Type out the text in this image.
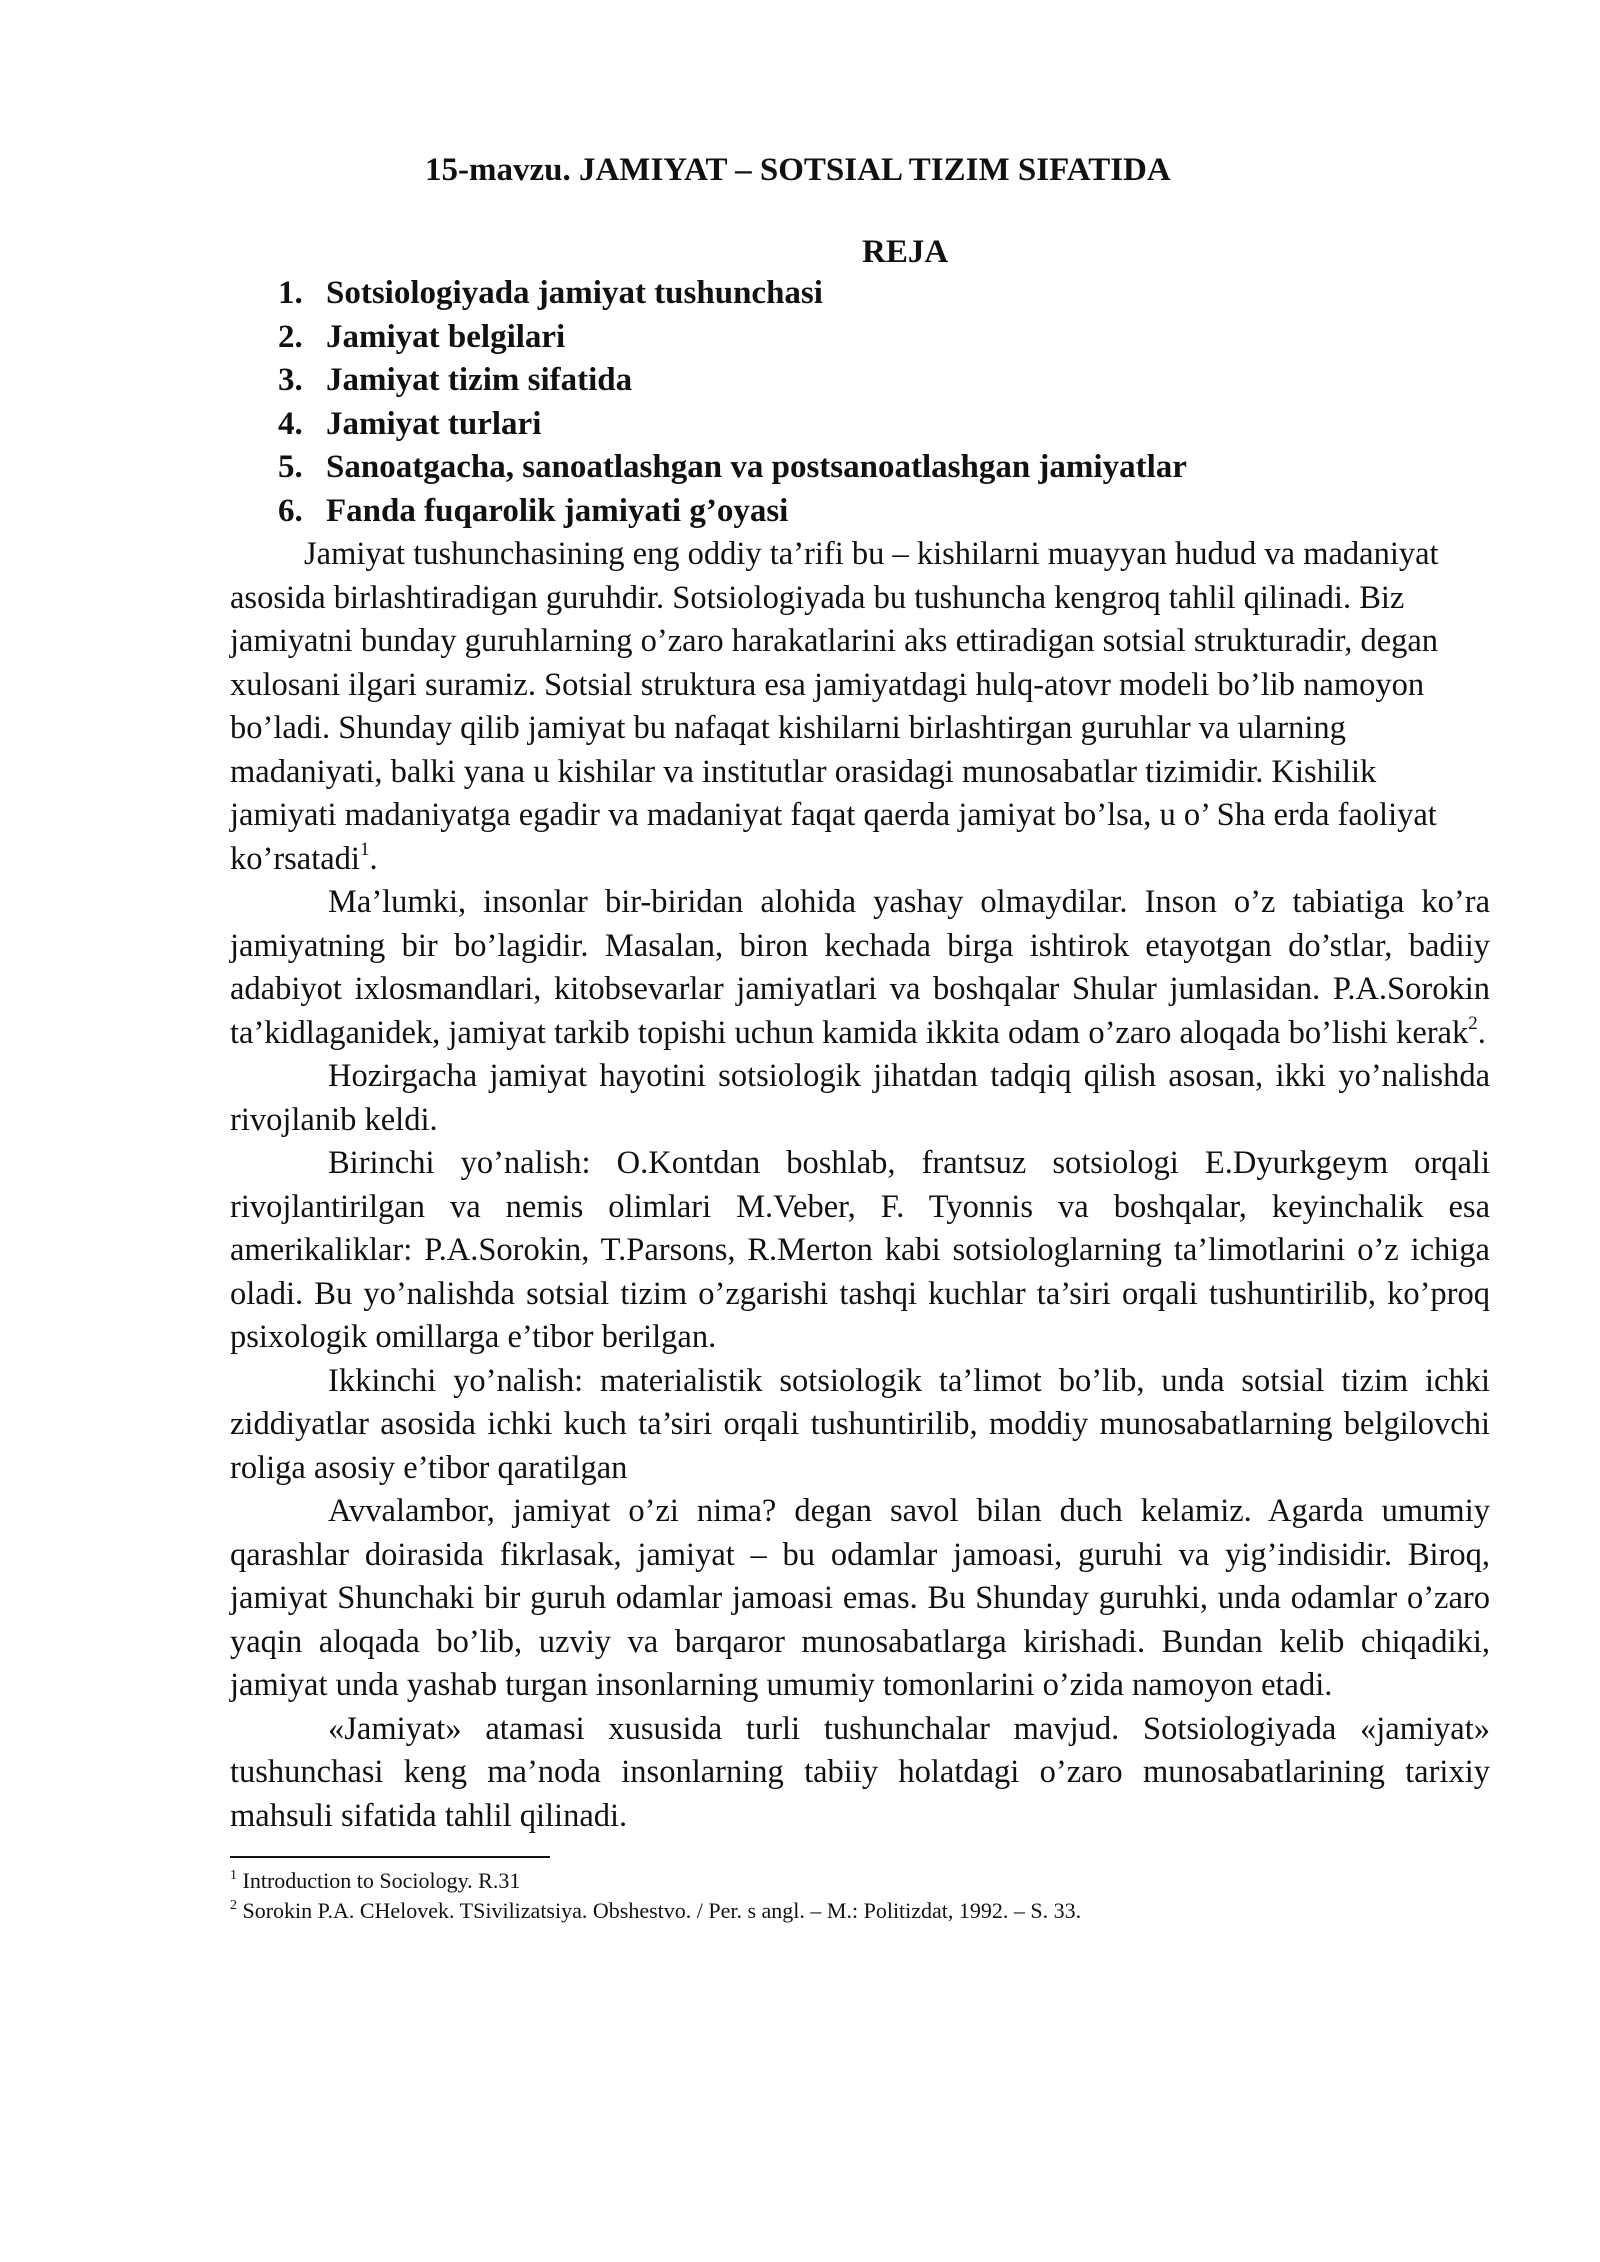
15-mavzu. JAMIYAT – SOTSIAL TIZIM SIFATIDA
REJA
1. Sotsiologiyada jamiyat tushunchasi
2. Jamiyat belgilari
3. Jamiyat tizim sifatida
4. Jamiyat turlari
5. Sanoatgacha, sanoatlashgan va postsanoatlashgan jamiyatlar
6. Fanda fuqarolik jamiyati g’oyasi

Jamiyat tushunchasining eng oddiy ta’rifi bu – kishilarni muayyan hudud va madaniyat asosida birlashtiradigan guruhdir. Sotsiologiyada bu tushuncha kengroq tahlil qilinadi. Biz jamiyatni bunday guruhlarning o’zaro harakatlarini aks ettiradigan sotsial strukturadir, degan xulosani ilgari suramiz. Sotsial struktura esa jamiyatdagi hulq-atovr modeli bo’lib namoyon bo’ladi. Shunday qilib jamiyat bu nafaqat kishilarni birlashtirgan guruhlar va ularning madaniyati, balki yana u kishilar va institutlar orasidagi munosabatlar tizimidir. Kishilik jamiyati madaniyatga egadir va madaniyat faqat qaerda jamiyat bo’lsa, u o’ Sha erda faoliyat ko’rsatadi$^1$.

Ma’lumki, insonlar bir-biridan alohida yashay olmaydilar. Inson o’z tabiatiga ko’ra jamiyatning bir bo’lagidir. Masalan, biron kechada birga ishtirok etayotgan do’stlar, badiiy adabiyot ixlosmandlari, kitobsevarlar jamiyatlari va boshqalar Shular jumlasidan. P.A.Sorokin ta’kidlaganidek, jamiyat tarkib topishi uchun kamida ikkita odam o’zaro aloqada bo’lishi kerak$^2$.

Hozirgacha jamiyat hayotini sotsiologik jihatdan tadqiq qilish asosan, ikki yo’nalishda rivojlanib keldi.

Birinchi yo’nalish: O.Kontdan boshlab, frantsuz sotsiologi E.Dyurkgeym orqali rivojlantirilgan va nemis olimlari M.Veber, F. Tyonnis va boshqalar, keyinchalik esa amerikaliklar: P.A.Sorokin, T.Parsons, R.Merton kabi sotsiologlarning ta’limotlarini o’z ichiga oladi. Bu yo’nalishda sotsial tizim o’zgarishi tashqi kuchlar ta’siri orqali tushuntirilib, ko’proq psixologik omillarga e’tibor berilgan.

Ikkinchi yo’nalish: materialistik sotsiologik ta’limot bo’lib, unda sotsial tizim ichki ziddiyatlar asosida ichki kuch ta’siri orqali tushuntirilib, moddiy munosabatlarning belgilovchi roliga asosiy e’tibor qaratilgan

Avvalambor, jamiyat o’zi nima? degan savol bilan duch kelamiz. Agarda umumiy qarashlar doirasida fikrlasak, jamiyat – bu odamlar jamoasi, guruhi va yig’indisidir. Biroq, jamiyat Shunchaki bir guruh odamlar jamoasi emas. Bu Shunday guruhki, unda odamlar o’zaro yaqin aloqada bo’lib, uzviy va barqaror munosabatlarga kirishadi. Bundan kelib chiqadiki, jamiyat unda yashab turgan insonlarning umumiy tomonlarini o’zida namoyon etadi.

«Jamiyat» atamasi xususida turli tushunchalar mavjud. Sotsiologiyada «jamiyat» tushunchasi keng ma’noda insonlarning tabiiy holatdagi o’zaro munosabatlarining tarixiy mahsuli sifatida tahlil qilinadi.

$^1$ Introduction to Sociology. R.31

$^2$ Sorokin P.A. CHelovek. TSivilizatsiya. Obshestvo. / Per. s angl. – M.: Politizdat, 1992. – S. 33.
